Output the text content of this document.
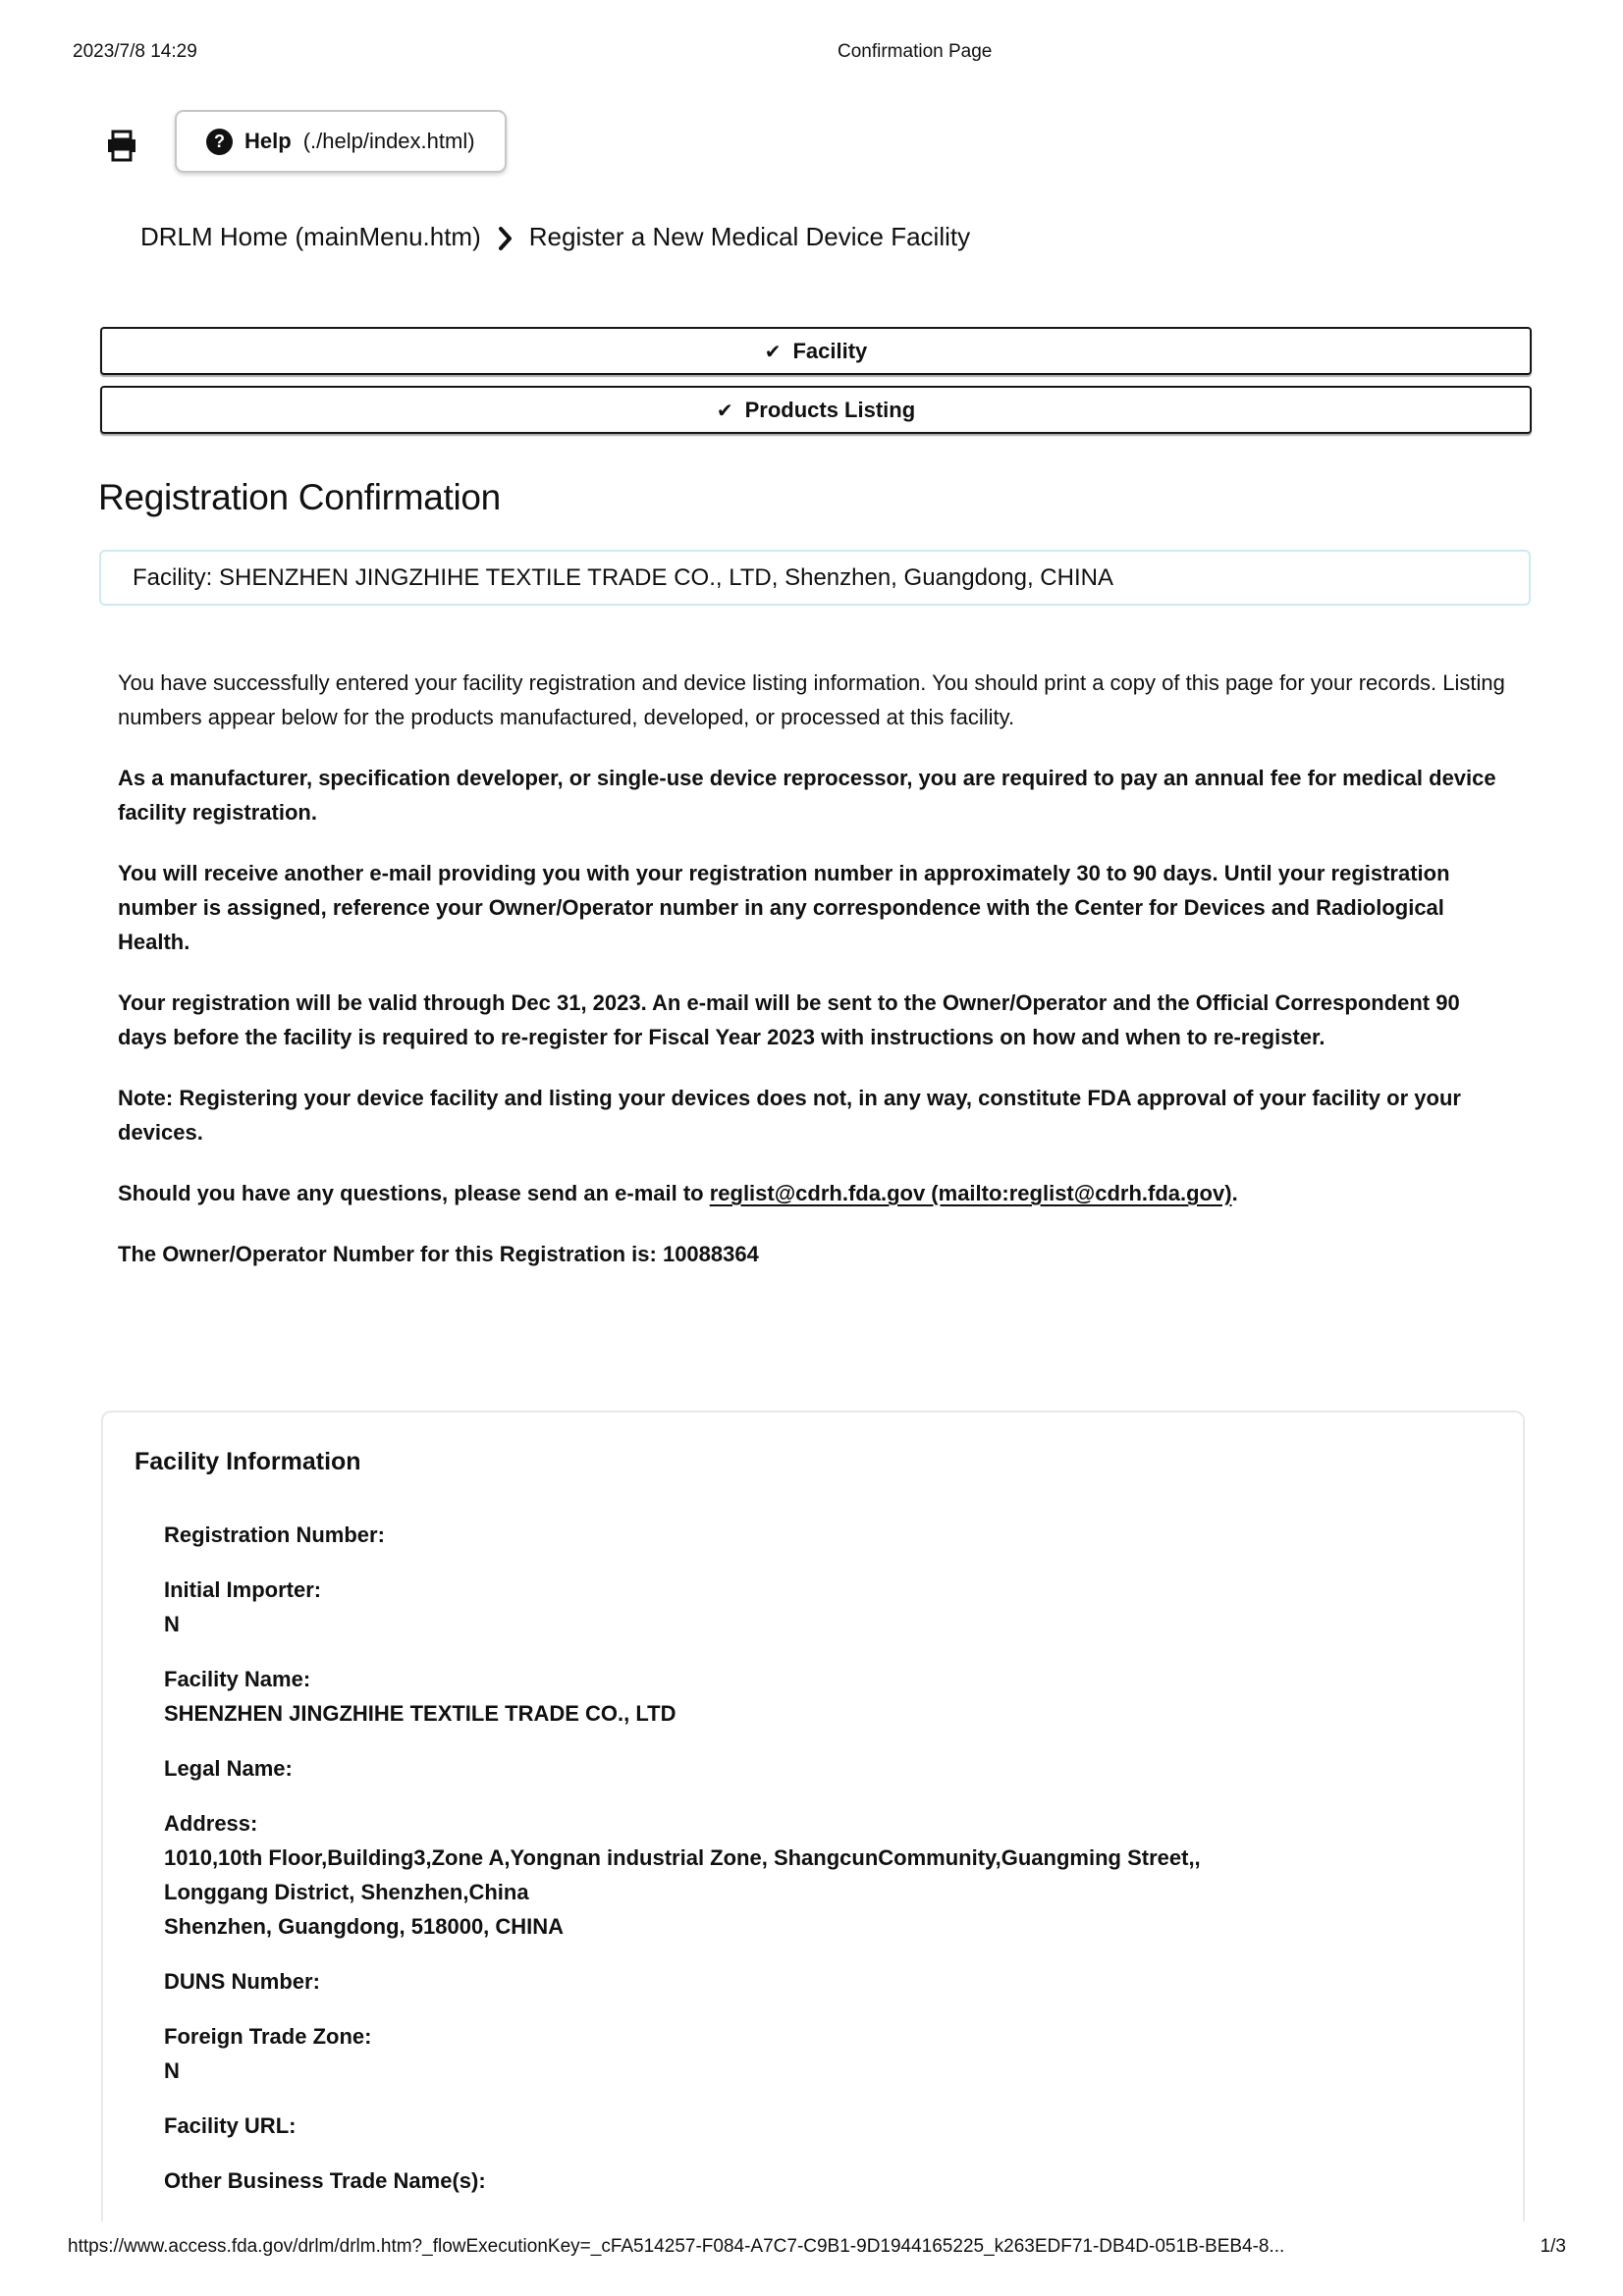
2023/7/8 14:29	Confirmation Page
? Help (./help/index.html)
DRLM Home (mainMenu.htm) Register a New Medical Device Facility
✔ Facility
✔ Products Listing
Registration Confirmation
Facility: SHENZHEN JINGZHIHE TEXTILE TRADE CO., LTD, Shenzhen, Guangdong, CHINA

You have successfully entered your facility registration and device listing information. You should print a copy of this page for your records. Listing numbers appear below for the products manufactured, developed, or processed at this facility.

As a manufacturer, specification developer, or single-use device reprocessor, you are required to pay an annual fee for medical device facility registration.

You will receive another e-mail providing you with your registration number in approximately 30 to 90 days. Until your registration number is assigned, reference your Owner/Operator number in any correspondence with the Center for Devices and Radiological Health.

Your registration will be valid through Dec 31, 2023. An e-mail will be sent to the Owner/Operator and the Official Correspondent 90 days before the facility is required to re-register for Fiscal Year 2023 with instructions on how and when to re-register.

Note: Registering your device facility and listing your devices does not, in any way, constitute FDA approval of your facility or your devices.

Should you have any questions, please send an e-mail to reglist@cdrh.fda.gov (mailto:reglist@cdrh.fda.gov).

The Owner/Operator Number for this Registration is: 10088364

Facility Information

Registration Number:

Initial Importer:

N

Facility Name:

SHENZHEN JINGZHIHE TEXTILE TRADE CO., LTD

Legal Name:

Address:

1010,10th Floor,Building3,Zone A,Yongnan industrial Zone, ShangcunCommunity,Guangming Street,,

Longgang District, Shenzhen,China

Shenzhen, Guangdong, 518000, CHINA

DUNS Number:

Foreign Trade Zone:

N

Facility URL:

Other Business Trade Name(s):

https://www.access.fda.gov/drlm/drlm.htm?_flowExecutionKey=_cFA514257-F084-A7C7-C9B1-9D1944165225_k263EDF71-DB4D-051B-BEB4-8...	1/3
